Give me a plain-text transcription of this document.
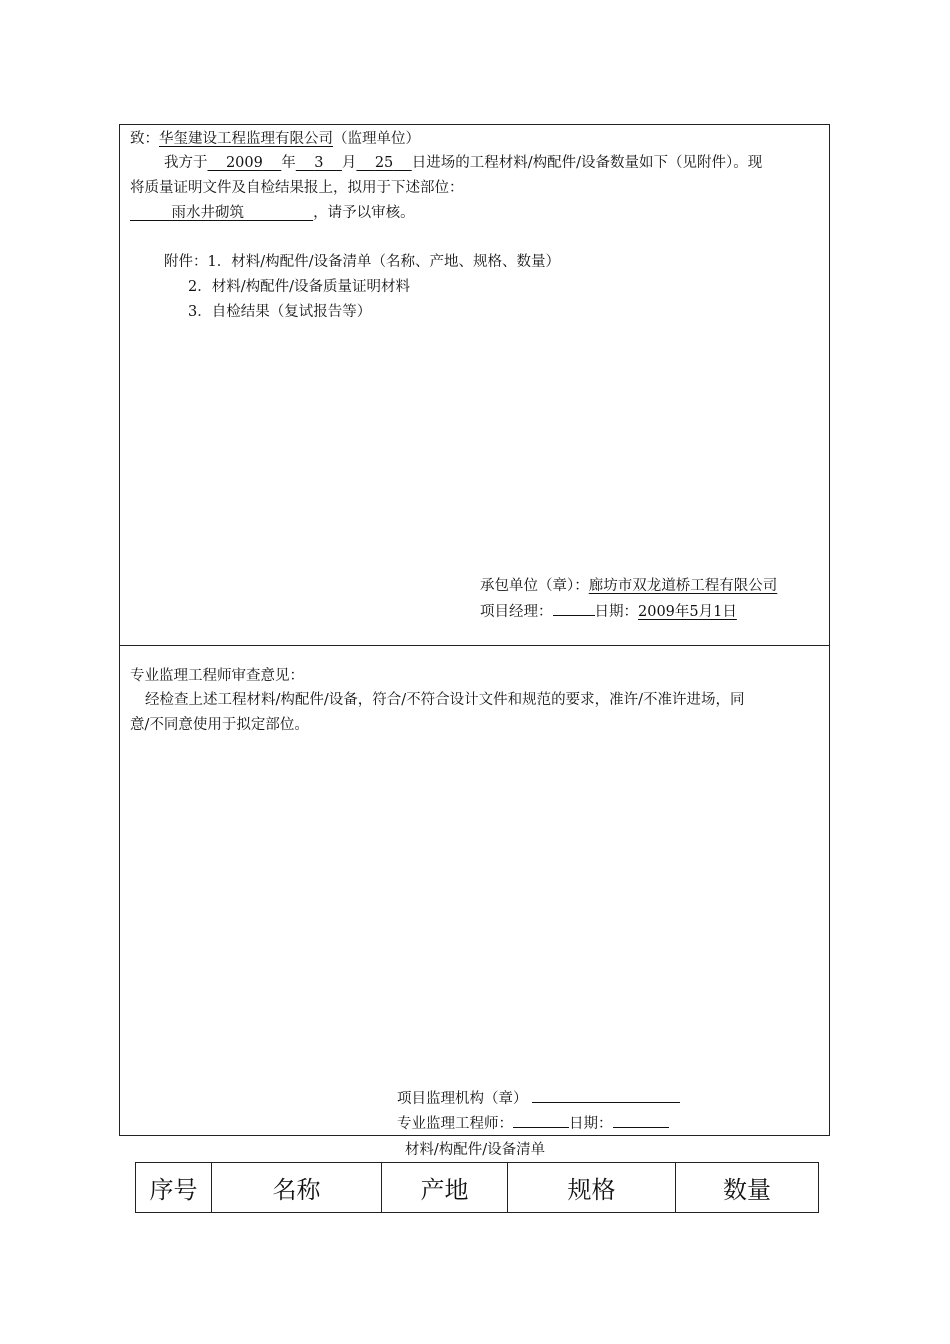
致：华玺建设工程监理有限公司（监理单位）
我方于 2009 年 3 月 25 日进场的工程材料/构配件/设备数量如下（见附件）。现
将质量证明文件及自检结果报上，拟用于下述部位：
雨水井砌筑	，请予以审核。
附件：1．材料/构配件/设备清单（名称、产地、规格、数量）
2．材料/构配件/设备质量证明材料
3．自检结果（复试报告等）
承包单位（章）：廊坊市双龙道桥工程有限公司
项目经理：	日期：2009年5月1日
专业监理工程师审查意见：
经检查上述工程材料/构配件/设备，符合/不符合设计文件和规范的要求，准许/不准许进场，同
意/不同意使用于拟定部位。
项目监理机构（章）
专业监理工程师：	日期：
材料/构配件/设备清单
序号	名称	产地	规格	数量
